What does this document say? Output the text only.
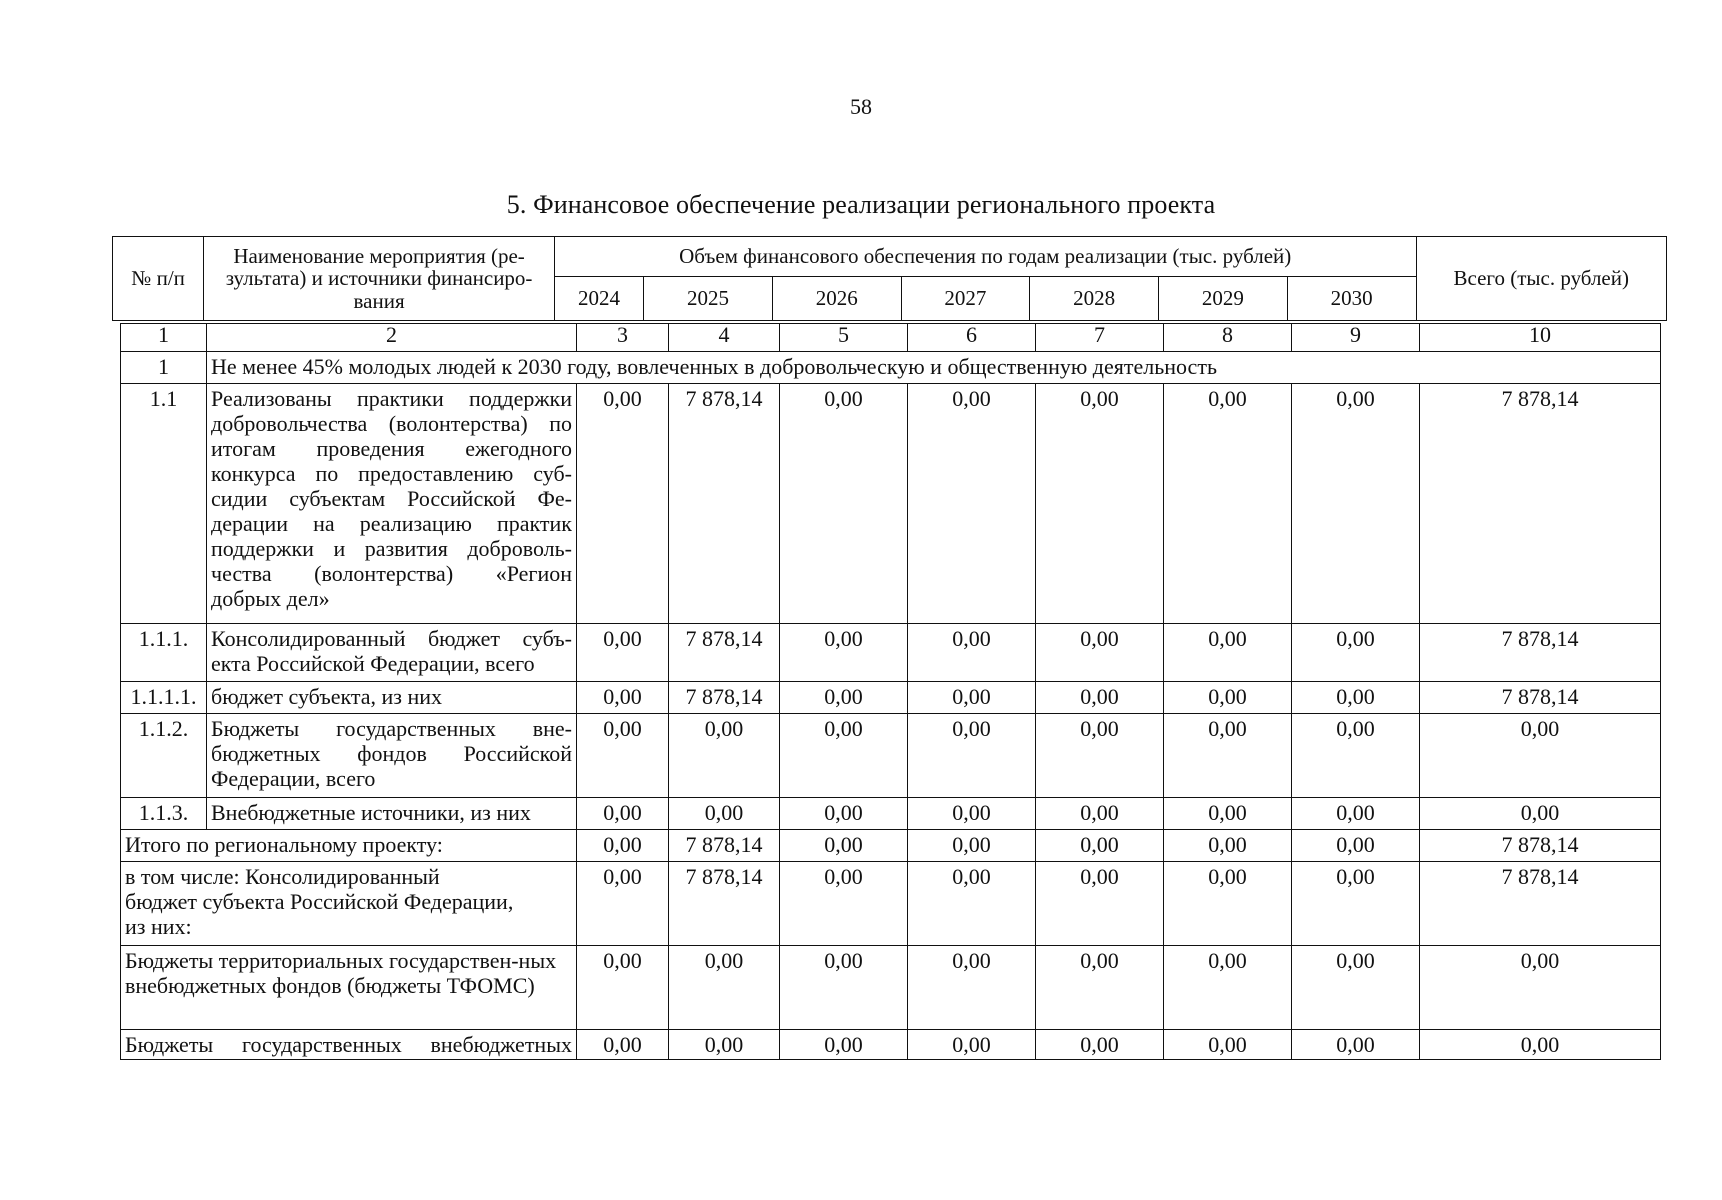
58
5. Финансовое обеспечение реализации регионального проекта
№ п/п	Наименование мероприятия (ре-зультата) и источники финансиро-вания	Объем финансового обеспечения по годам реализации (тыс. рублей)							Всего (тыс. рублей)
		2024	2025	2026	2027	2028	2029	2030	
1	2	3	4	5	6	7	8	9	10
1	Не менее 45% молодых людей к 2030 году, вовлеченных в добровольческую и общественную деятельность								
1.1	Реализованы практики поддержки добровольчества (волонтерства) по итогам проведения ежегодного конкурса по предоставлению суб-сидии субъектам Российской Фе-дерации на реализацию практик поддержки и развития доброволь-чества (волонтерства) «Регион добрых дел»	0,00	7 878,14	0,00	0,00	0,00	0,00	0,00	7 878,14
1.1.1.	Консолидированный бюджет субъ-екта Российской Федерации, всего	0,00	7 878,14	0,00	0,00	0,00	0,00	0,00	7 878,14
1.1.1.1.	бюджет субъекта, из них	0,00	7 878,14	0,00	0,00	0,00	0,00	0,00	7 878,14
1.1.2.	Бюджеты государственных вне-бюджетных фондов Российской Федерации, всего	0,00	0,00	0,00	0,00	0,00	0,00	0,00	0,00
1.1.3.	Внебюджетные источники, из них	0,00	0,00	0,00	0,00	0,00	0,00	0,00	0,00
Итого по региональному проекту:		0,00	7 878,14	0,00	0,00	0,00	0,00	0,00	7 878,14
в том числе: Консолидированный бюджет субъекта Российской Федерации, из них:		0,00	7 878,14	0,00	0,00	0,00	0,00	0,00	7 878,14
Бюджеты территориальных государствен-ных внебюджетных фондов (бюджеты ТФОМС)		0,00	0,00	0,00	0,00	0,00	0,00	0,00	0,00
Бюджеты государственных внебюджетных		0,00	0,00	0,00	0,00	0,00	0,00	0,00	0,00
